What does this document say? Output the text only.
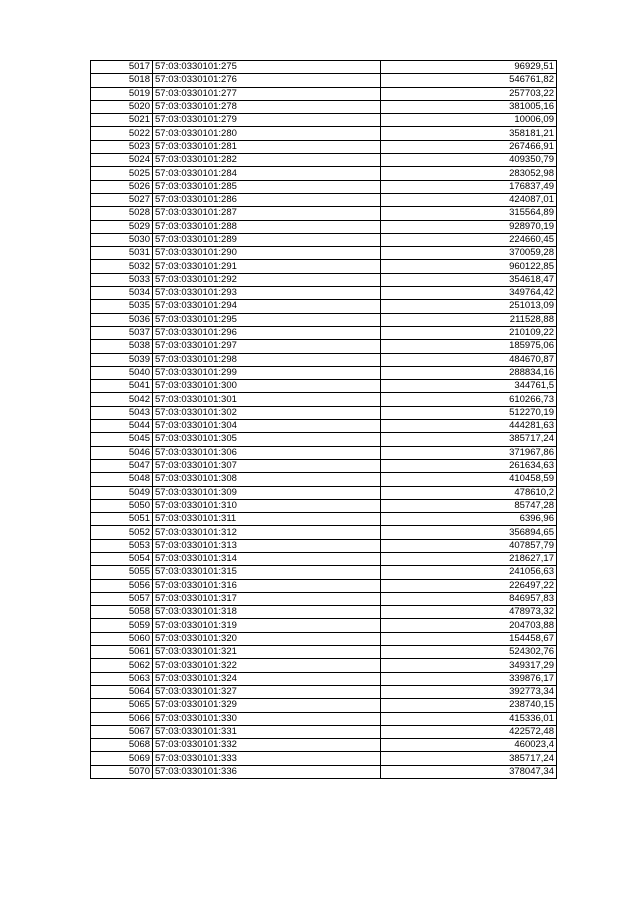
5017	57:03:0330101:275	96929,51
5018	57:03:0330101:276	546761,82
5019	57:03:0330101:277	257703,22
5020	57:03:0330101:278	381005,16
5021	57:03:0330101:279	10006,09
5022	57:03:0330101:280	358181,21
5023	57:03:0330101:281	267466,91
5024	57:03:0330101:282	409350,79
5025	57:03:0330101:284	283052,98
5026	57:03:0330101:285	176837,49
5027	57:03:0330101:286	424087,01
5028	57:03:0330101:287	315564,89
5029	57:03:0330101:288	928970,19
5030	57:03:0330101:289	224660,45
5031	57:03:0330101:290	370059,28
5032	57:03:0330101:291	960122,85
5033	57:03:0330101:292	354618,47
5034	57:03:0330101:293	349764,42
5035	57:03:0330101:294	251013,09
5036	57:03:0330101:295	211528,88
5037	57:03:0330101:296	210109,22
5038	57:03:0330101:297	185975,06
5039	57:03:0330101:298	484670,87
5040	57:03:0330101:299	288834,16
5041	57:03:0330101:300	344761,5
5042	57:03:0330101:301	610266,73
5043	57:03:0330101:302	512270,19
5044	57:03:0330101:304	444281,63
5045	57:03:0330101:305	385717,24
5046	57:03:0330101:306	371967,86
5047	57:03:0330101:307	261634,63
5048	57:03:0330101:308	410458,59
5049	57:03:0330101:309	478610,2
5050	57:03:0330101:310	85747,28
5051	57:03:0330101:311	6396,96
5052	57:03:0330101:312	356894,65
5053	57:03:0330101:313	407857,79
5054	57:03:0330101:314	218627,17
5055	57:03:0330101:315	241056,63
5056	57:03:0330101:316	226497,22
5057	57:03:0330101:317	846957,83
5058	57:03:0330101:318	478973,32
5059	57:03:0330101:319	204703,88
5060	57:03:0330101:320	154458,67
5061	57:03:0330101:321	524302,76
5062	57:03:0330101:322	349317,29
5063	57:03:0330101:324	339876,17
5064	57:03:0330101:327	392773,34
5065	57:03:0330101:329	238740,15
5066	57:03:0330101:330	415336,01
5067	57:03:0330101:331	422572,48
5068	57:03:0330101:332	460023,4
5069	57:03:0330101:333	385717,24
5070	57:03:0330101:336	378047,34
